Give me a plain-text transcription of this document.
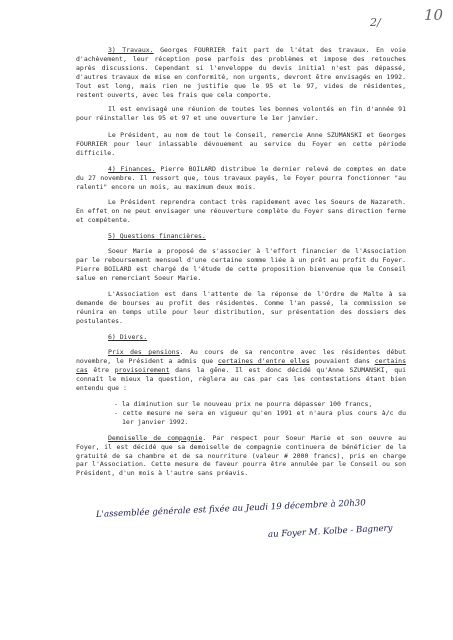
2/	10

3) Travaux. Georges FOURRIER fait part de l'état des travaux. En voie d'achèvement, leur réception pose parfois des problèmes et impose des retouches après discussions. Cependant si l'enveloppe du devis initial n'est pas dépassé, d'autres travaux de mise en conformité, non urgents, devront être envisagés en 1992. Tout est long, mais rien ne justifie que le 95 et le 97, vides de résidentes, restent ouverts, avec les frais que cela comporte.

Il est envisagé une réunion de toutes les bonnes volontés en fin d'année 91 pour réinstaller les 95 et 97 et une ouverture le 1er janvier.

Le Président, au nom de tout le Conseil, remercie Anne SZUMANSKI et Georges FOURRIER pour leur inlassable dévouement au service du Foyer en cette période difficile.

4) Finances. Pierre BOILARD distribue le dernier relevé de comptes en date du 27 novembre. Il ressort que, tous travaux payés, le Foyer pourra fonctionner "au ralenti" encore un mois, au maximum deux mois.

Le Président reprendra contact très rapidement avec les Soeurs de Nazareth. En effet on ne peut envisager une réouverture complète du Foyer sans direction ferme et compétente.

5) Questions financières.

Soeur Marie a proposé de s'associer à l'effort financier de l'Association par le reboursement mensuel d'une certaine somme liée à un prêt au profit du Foyer. Pierre BOILARD est chargé de l'étude de cette proposition bienvenue que le Conseil salue en remerciant Soeur Marie.

L'Association est dans l'attente de la réponse de l'Ordre de Malte à sa demande de bourses au profit des résidentes. Comme l'an passé, la commission se réunira en temps utile pour leur distribution, sur présentation des dossiers des postulantes.

6) Divers.

Prix des pensions. Au cours de sa rencontre avec les résidentes début novembre, le Président a admis que certaines d'entre elles pouvaient dans certains cas être provisoirement dans la gêne. Il est donc décidé qu'Anne SZUMANSKI, qui connaît le mieux la question, règlera au cas par cas les contestations étant bien entendu que :

- la diminution sur le nouveau prix ne pourra dépasser 100 francs,
- cette mesure ne sera en vigueur qu'en 1991 et n'aura plus cours à/c du 1er janvier 1992.

Demoiselle de compagnie. Par respect pour Soeur Marie et son oeuvre au Foyer, il est décidé que sa demoiselle de compagnie continuera de bénéficier de la gratuité de sa chambre et de sa nourriture (valeur # 2000 francs), pris en charge par l'Association. Cette mesure de faveur pourra être annulée par le Conseil ou son Président, d'un mois à l'autre sans préavis.

L'assemblée générale est fixée au Jeudi 19 décembre à 20h30
au Foyer M. Kolbe - Bagnery
